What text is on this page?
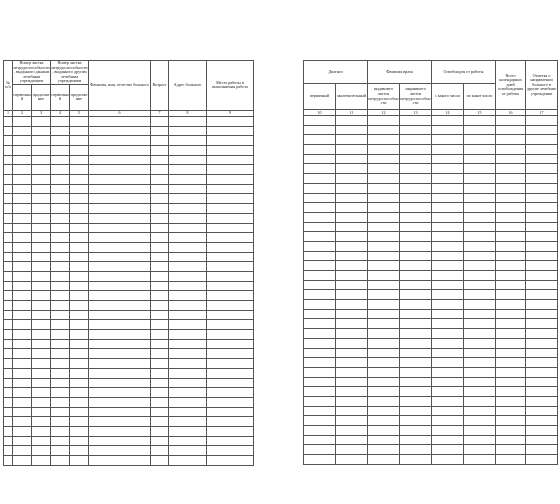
№ п/п	Номер листка нетрудоспособности, выданного данным лечебным учреждением		Номер листка нетрудоспособности, выданного другим лечебным учреждением		Фамилия, имя, отчество больного	Возраст	Адрес больного	Место работы и выполняемая работа
	первичный	продолжение	первичный	продолжение				
1	2	3	4	5	6	7	8	9

Диагноз		Фамилия врача		Освобожден от работы		Всего календарных дней освобождения от работы	Отметка о направлении больного в другие лечебные учреждения
первичный	заключительный	выдавшего листок нетрудоспособности	закрывшего листок нетрудоспособности	с какого числа	по какое число		
10	11	12	13	14	15	16	17
